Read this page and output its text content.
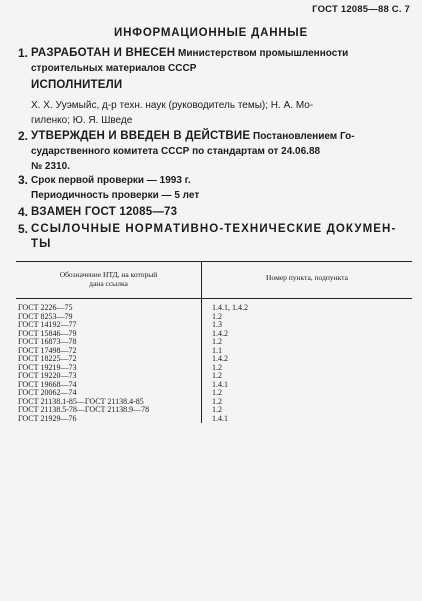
ГОСТ 12085—88 С. 7
ИНФОРМАЦИОННЫЕ ДАННЫЕ
1. РАЗРАБОТАН И ВНЕСЕН Министерством промышленности
строительных материалов СССР
ИСПОЛНИТЕЛИ
Х. Х. Ууэмыйс, д-р техн. наук (руководитель темы); Н. А. Мо-
гиленко; Ю. Я. Шведе
2. УТВЕРЖДЕН И ВВЕДЕН В ДЕЙСТВИЕ Постановлением Го-
сударственного комитета СССР по стандартам от 24.06.88
№ 2310.
3. Срок первой проверки — 1993 г.
Периодичность проверки — 5 лет
4. ВЗАМЕН ГОСТ 12085—73
5. ССЫЛОЧНЫЕ НОРМАТИВНО-ТЕХНИЧЕСКИЕ ДОКУМЕН-
ТЫ
Обозначение НТД, на который
дана ссылка
Номер пункта, подпункта
ГОСТ 2226—75	1.4.1, 1.4.2
ГОСТ 8253—79	1.2
ГОСТ 14192—77	1.3
ГОСТ 15846—79	1.4.2
ГОСТ 16873—78	1.2
ГОСТ 17498—72	1.1
ГОСТ 18225—72	1.4.2
ГОСТ 19219—73	1.2
ГОСТ 19220—73	1.2
ГОСТ 19668—74	1.4.1
ГОСТ 20062—74	1.2
ГОСТ 21138.1-85—ГОСТ 21138.4-85	1.2
ГОСТ 21138.5-78—ГОСТ 21138.9—78	1.2
ГОСТ 21929—76	1.4.1
